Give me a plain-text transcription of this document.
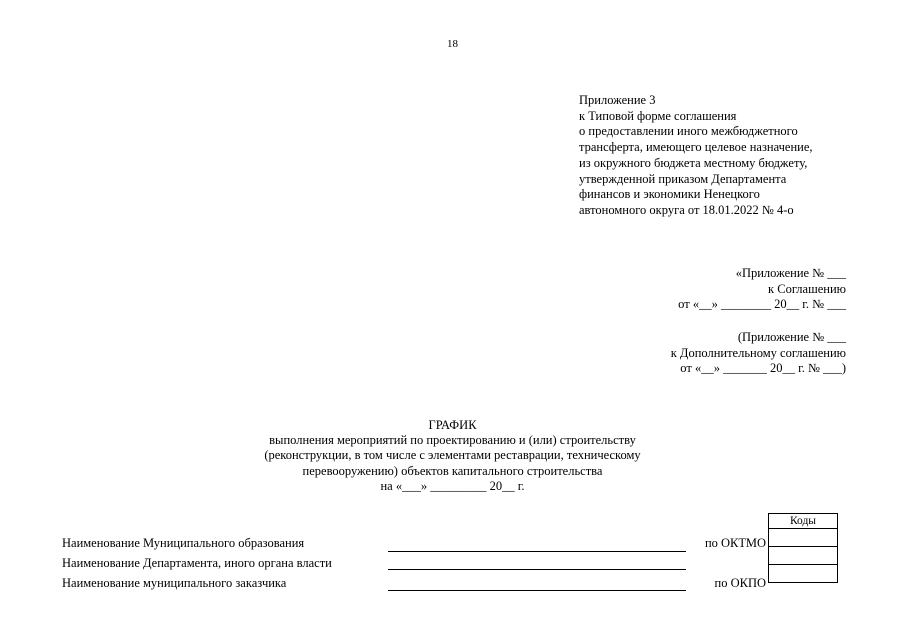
18
Приложение 3
к Типовой форме соглашения
о предоставлении иного межбюджетного
трансферта, имеющего целевое назначение,
из окружного бюджета местному бюджету,
утвержденной приказом Департамента
финансов и экономики Ненецкого
автономного округа от 18.01.2022 № 4-о
«Приложение № ___
к Соглашению
от «__» ________ 20__ г. № ___
(Приложение № ___
к Дополнительному соглашению
от «__» _______ 20__ г. № ___)
ГРАФИК
выполнения мероприятий по проектированию и (или) строительству
(реконструкции, в том числе с элементами реставрации, техническому
перевооружению) объектов капитального строительства
на «___» _________ 20__ г.
Наименование Муниципального образования	по ОКТМО
Наименование Департамента, иного органа власти
Наименование муниципального заказчика	по ОКПО
Коды
